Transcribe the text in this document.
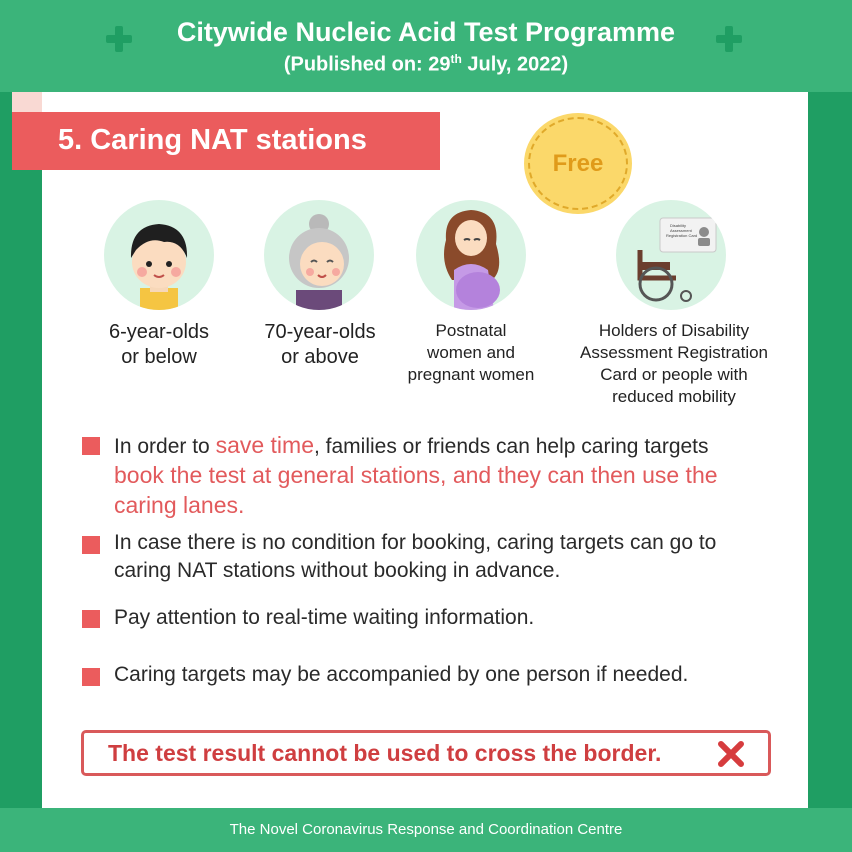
Citywide Nucleic Acid Test Programme
(Published on: 29th July, 2022)
5. Caring NAT stations
Free
6-year-olds
or below
70-year-olds
or above
Postnatal
women and
pregnant women
Disability
Assessment
Registration Card
Holders of Disability
Assessment Registration
Card or people with
reduced mobility
In order to save time, families or friends can help caring targets book the test at general stations, and they can then use the caring lanes.
In case there is no condition for booking, caring targets can go to caring NAT stations without booking in advance.
Pay attention to real-time waiting information.
Caring targets may be accompanied by one person if needed.
The test result cannot be used to cross the border.
The Novel Coronavirus Response and Coordination Centre
